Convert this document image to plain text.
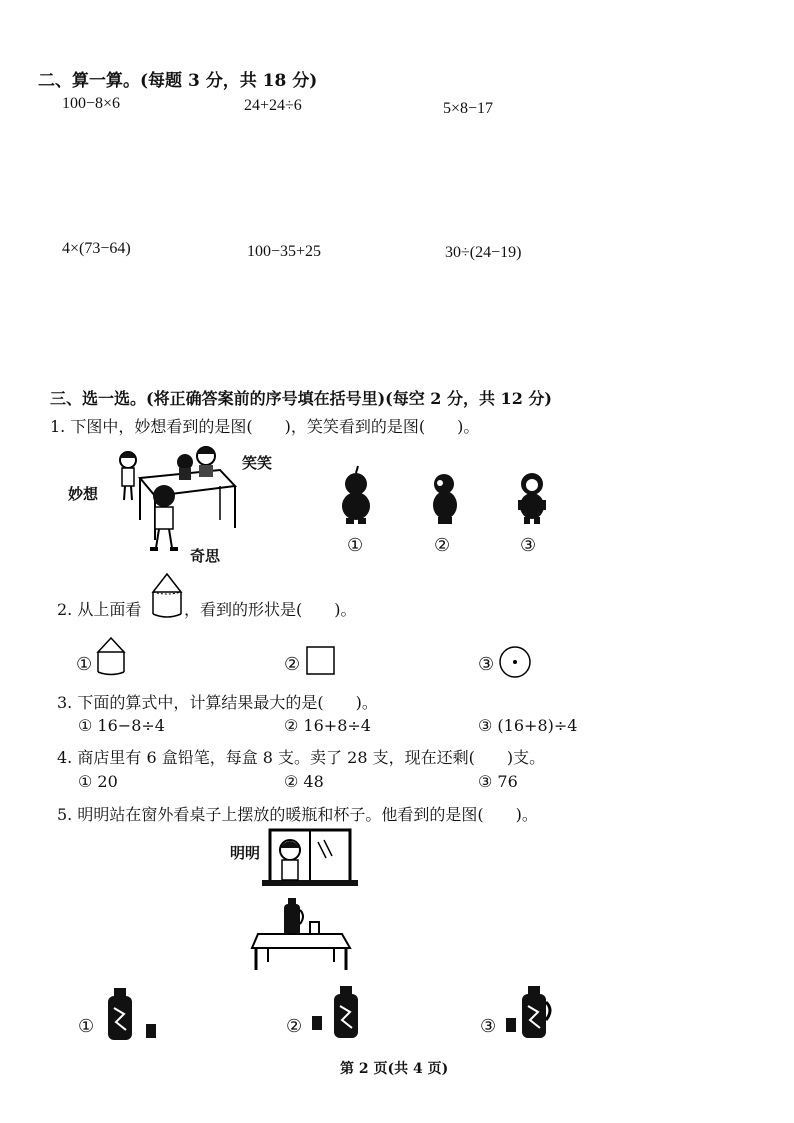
二、算一算。(每题 3 分，共 18 分)
100−8×6	24+24÷6	5×8−17
4×(73−64)	100−35+25	30÷(24−19)
三、选一选。(将正确答案前的序号填在括号里)(每空 2 分，共 12 分)
1. 下图中，妙想看到的是图(　　)，笑笑看到的是图(　　)。
妙想
笑笑
奇思	①	②	③
2. 从上面看	，看到的形状是(　　)。
①	②	③
3. 下面的算式中，计算结果最大的是(　　)。
① 16−8÷4	② 16+8÷4	③ (16+8)÷4
4. 商店里有 6 盒铅笔，每盒 8 支。卖了 28 支，现在还剩(　　)支。
① 20	② 48	③ 76
5. 明明站在窗外看桌子上摆放的暖瓶和杯子。他看到的是图(　　)。
明明
①	②	③
第 2 页(共 4 页)
